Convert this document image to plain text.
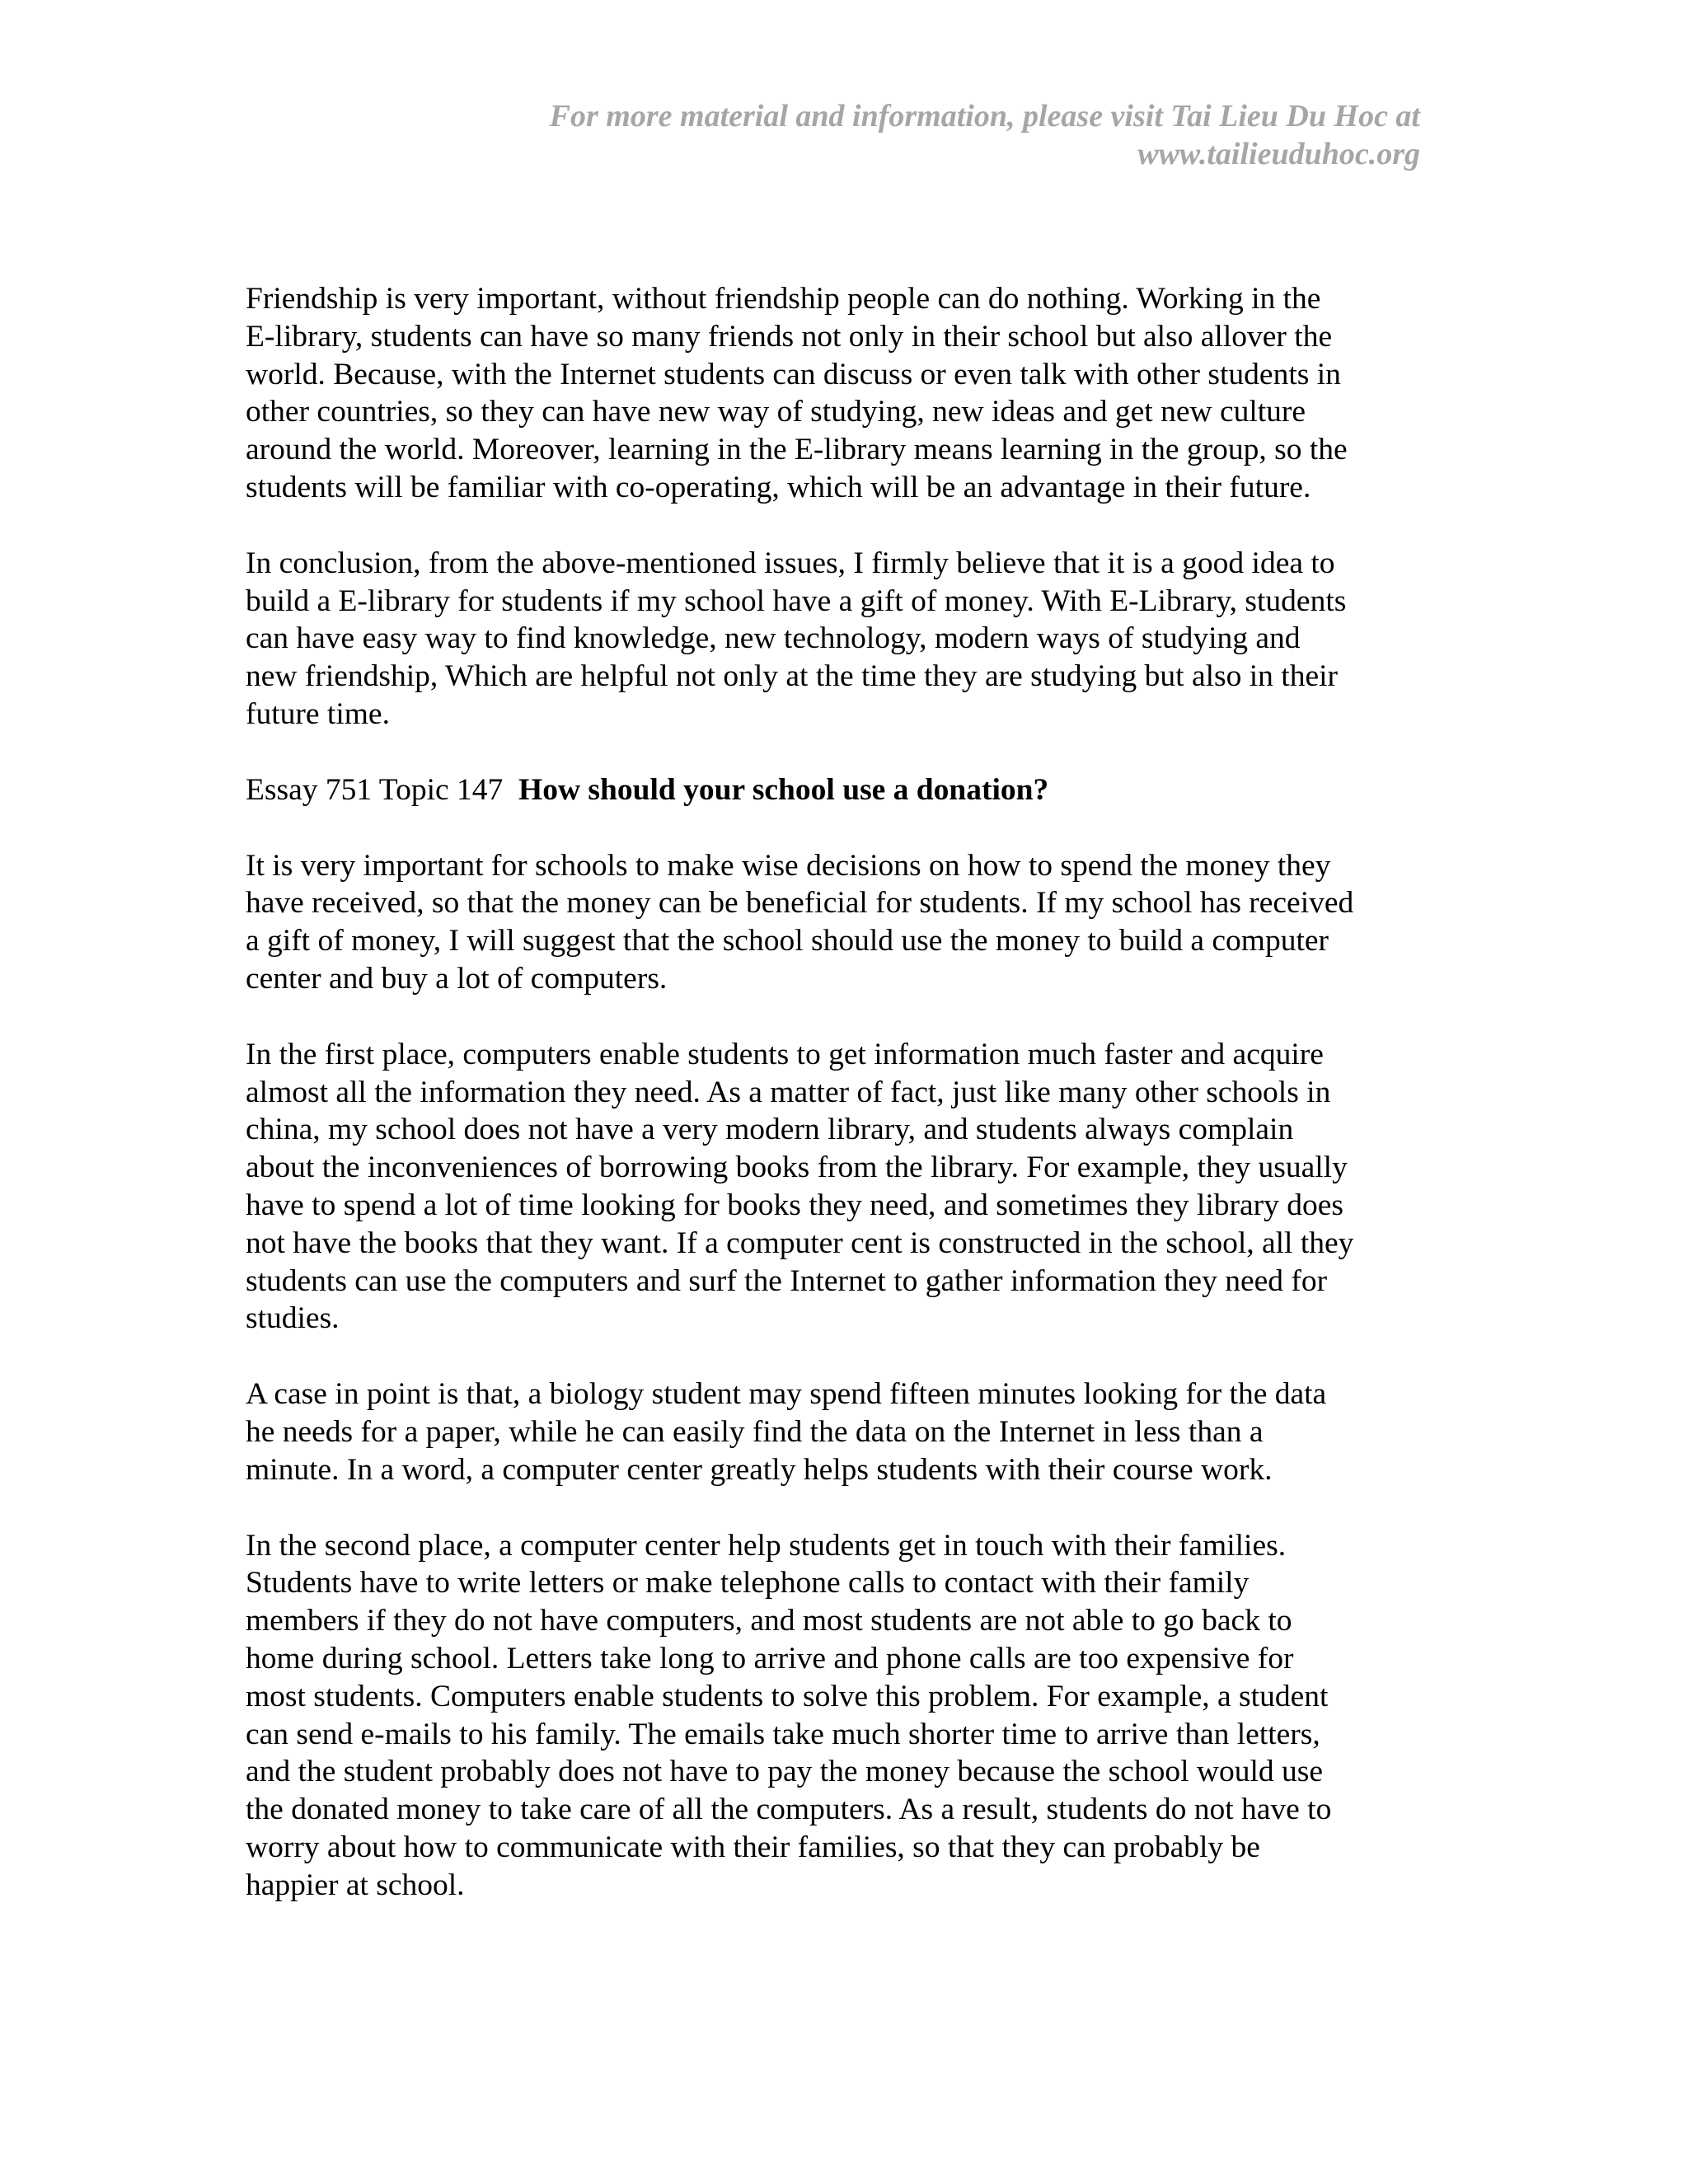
For more material and information, please visit Tai Lieu Du Hoc at
www.tailieuduhoc.org
Friendship is very important, without friendship people can do nothing. Working in the
E-library, students can have so many friends not only in their school but also allover the
world. Because, with the Internet students can discuss or even talk with other students in
other countries, so they can have new way of studying, new ideas and get new culture
around the world. Moreover, learning in the E-library means learning in the group, so the
students will be familiar with co-operating, which will be an advantage in their future.
In conclusion, from the above-mentioned issues, I firmly believe that it is a good idea to
build a E-library for students if my school have a gift of money. With E-Library, students
can have easy way to find knowledge, new technology, modern ways of studying and
new friendship, Which are helpful not only at the time they are studying but also in their
future time.
Essay 751 Topic 147 How should your school use a donation?
It is very important for schools to make wise decisions on how to spend the money they
have received, so that the money can be beneficial for students. If my school has received
a gift of money, I will suggest that the school should use the money to build a computer
center and buy a lot of computers.
In the first place, computers enable students to get information much faster and acquire
almost all the information they need. As a matter of fact, just like many other schools in
china, my school does not have a very modern library, and students always complain
about the inconveniences of borrowing books from the library. For example, they usually
have to spend a lot of time looking for books they need, and sometimes they library does
not have the books that they want. If a computer cent is constructed in the school, all they
students can use the computers and surf the Internet to gather information they need for
studies.
A case in point is that, a biology student may spend fifteen minutes looking for the data
he needs for a paper, while he can easily find the data on the Internet in less than a
minute. In a word, a computer center greatly helps students with their course work.
In the second place, a computer center help students get in touch with their families.
Students have to write letters or make telephone calls to contact with their family
members if they do not have computers, and most students are not able to go back to
home during school. Letters take long to arrive and phone calls are too expensive for
most students. Computers enable students to solve this problem. For example, a student
can send e-mails to his family. The emails take much shorter time to arrive than letters,
and the student probably does not have to pay the money because the school would use
the donated money to take care of all the computers. As a result, students do not have to
worry about how to communicate with their families, so that they can probably be
happier at school.
